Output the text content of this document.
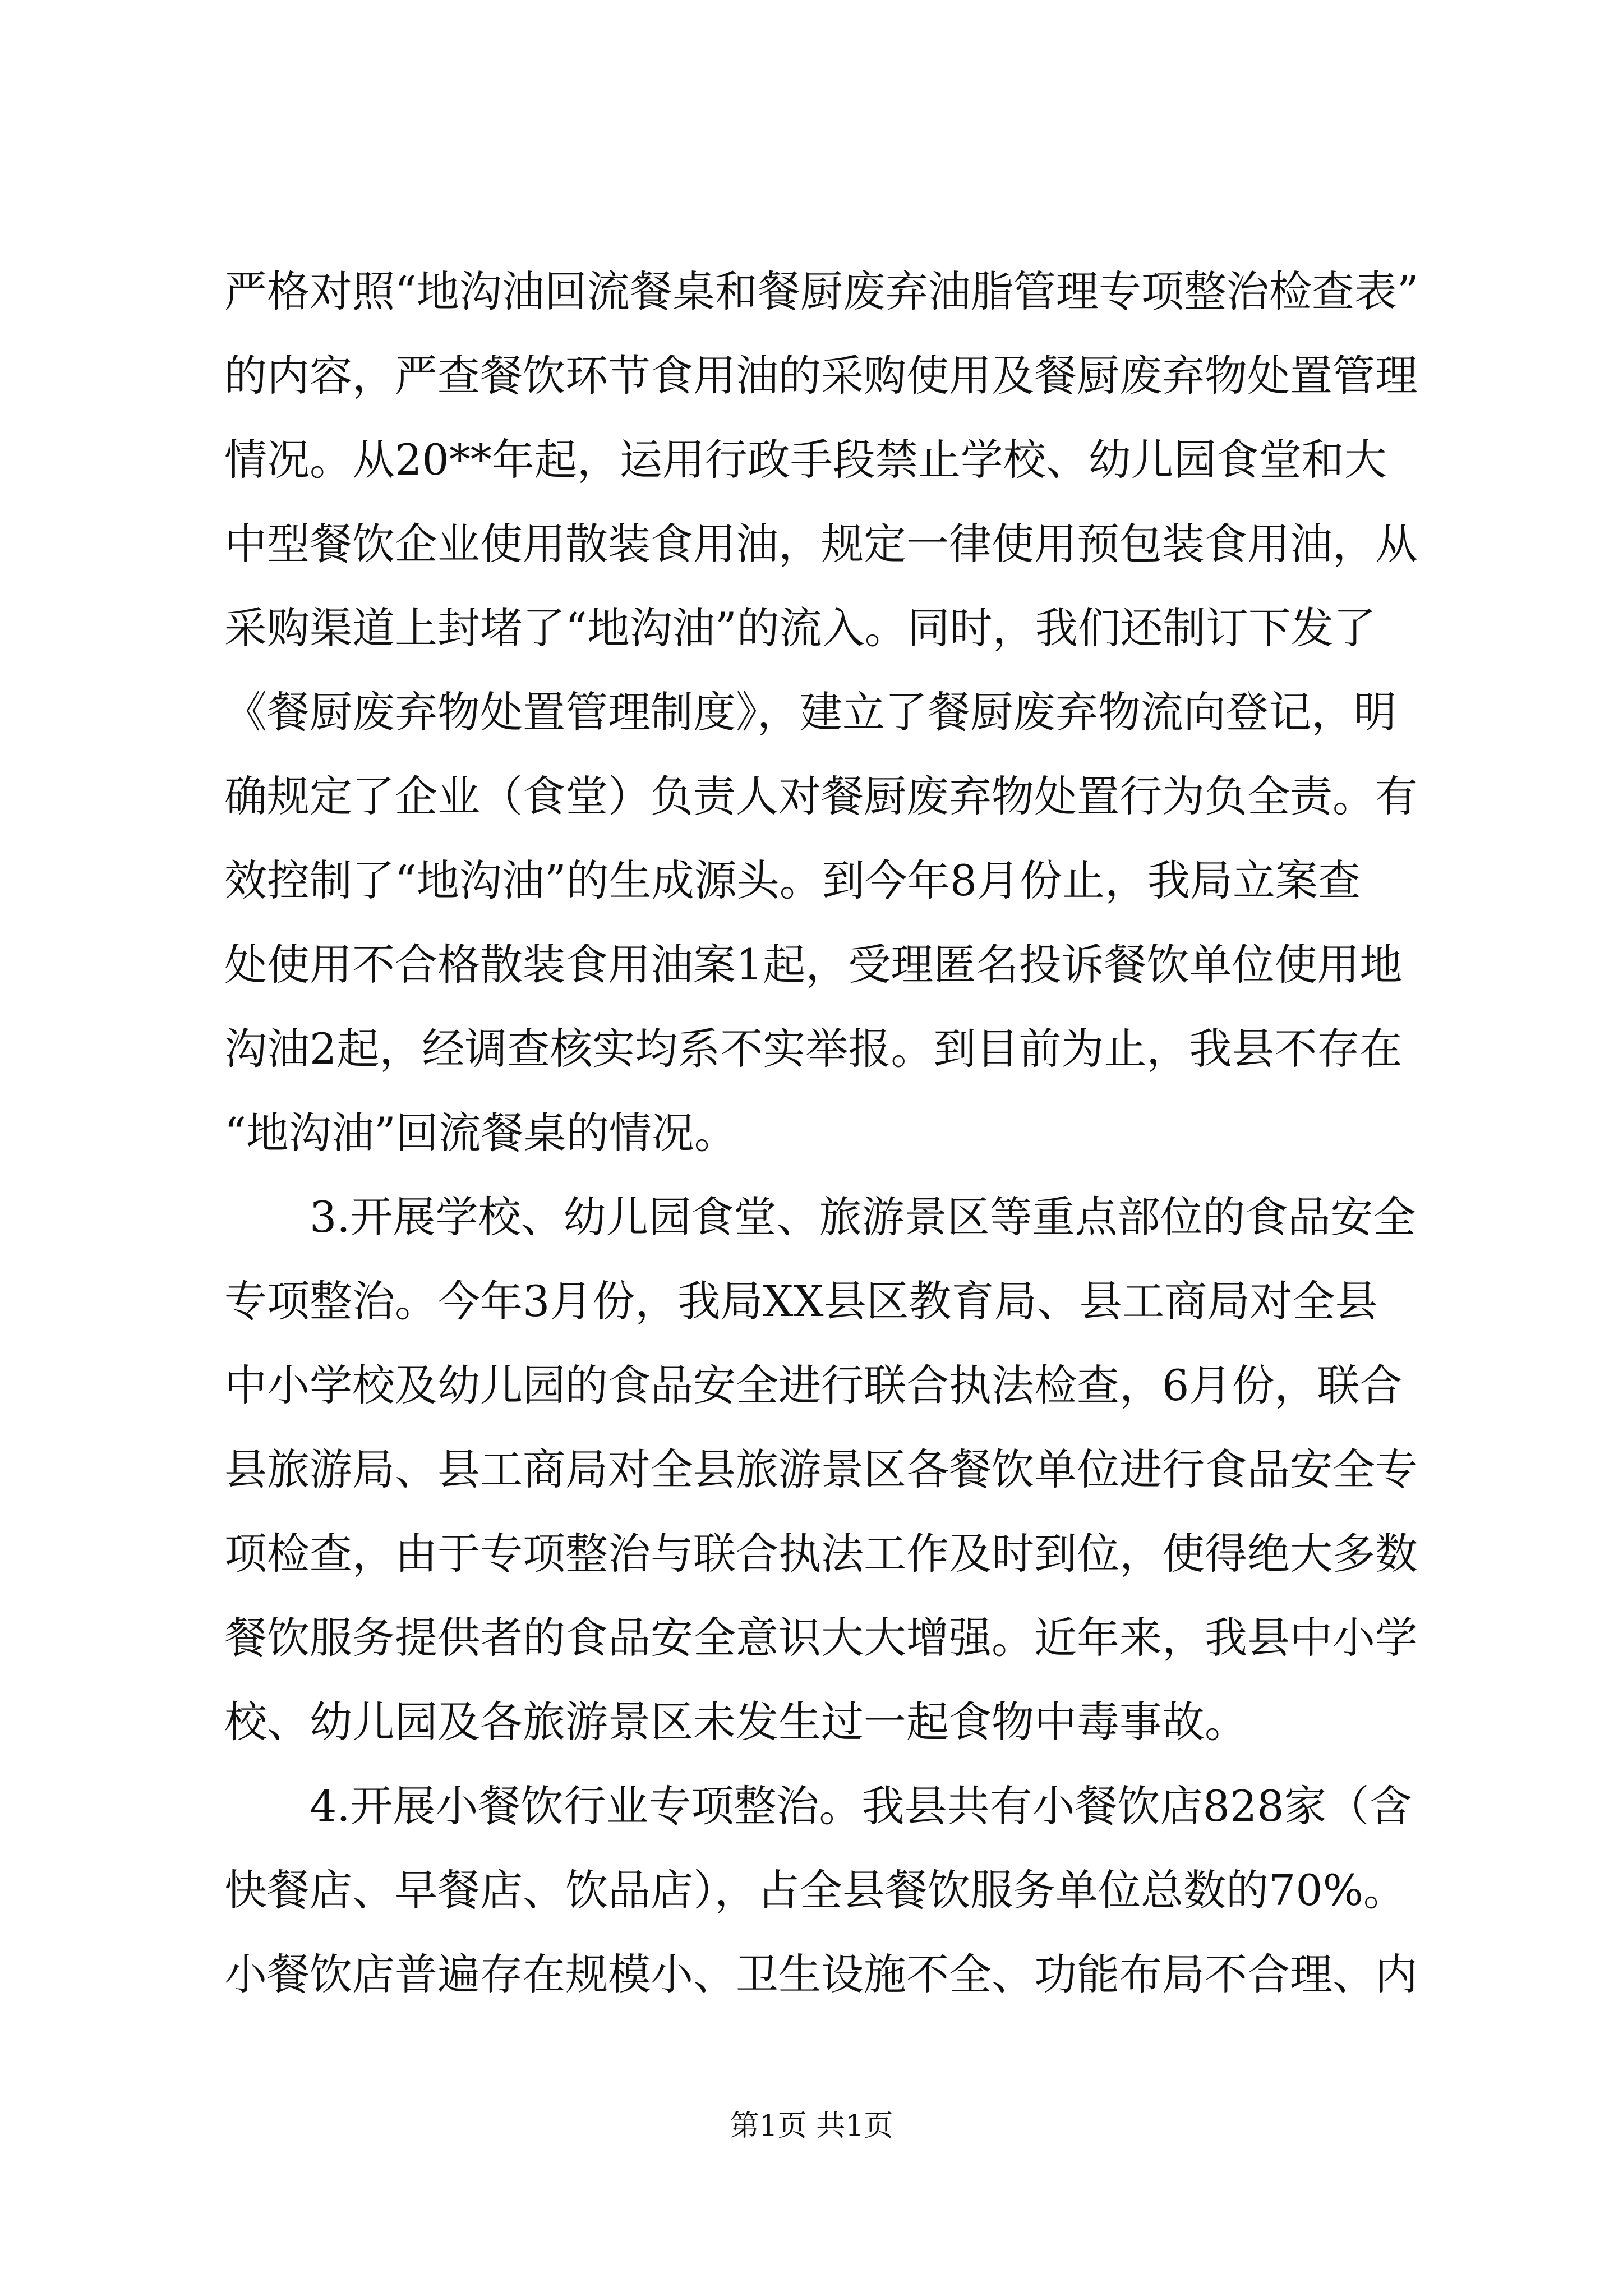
严格对照“地沟油回流餐桌和餐厨废弃油脂管理专项整治检查表”
的内容，严查餐饮环节食用油的采购使用及餐厨废弃物处置管理
情况。从20**年起，运用行政手段禁止学校、幼儿园食堂和大
中型餐饮企业使用散装食用油，规定一律使用预包装食用油，从
采购渠道上封堵了“地沟油”的流入。同时，我们还制订下发了
《餐厨废弃物处置管理制度》，建立了餐厨废弃物流向登记，明
确规定了企业（食堂）负责人对餐厨废弃物处置行为负全责。有
效控制了“地沟油”的生成源头。到今年8月份止，我局立案查
处使用不合格散装食用油案1起，受理匿名投诉餐饮单位使用地
沟油2起，经调查核实均系不实举报。到目前为止，我县不存在
“地沟油”回流餐桌的情况。
3.开展学校、幼儿园食堂、旅游景区等重点部位的食品安全
专项整治。今年3月份，我局XX县区教育局、县工商局对全县
中小学校及幼儿园的食品安全进行联合执法检查，6月份，联合
县旅游局、县工商局对全县旅游景区各餐饮单位进行食品安全专
项检查，由于专项整治与联合执法工作及时到位，使得绝大多数
餐饮服务提供者的食品安全意识大大增强。近年来，我县中小学
校、幼儿园及各旅游景区未发生过一起食物中毒事故。
4.开展小餐饮行业专项整治。我县共有小餐饮店828家（含
快餐店、早餐店、饮品店），占全县餐饮服务单位总数的70%。
小餐饮店普遍存在规模小、卫生设施不全、功能布局不合理、内
第1页 共1页
